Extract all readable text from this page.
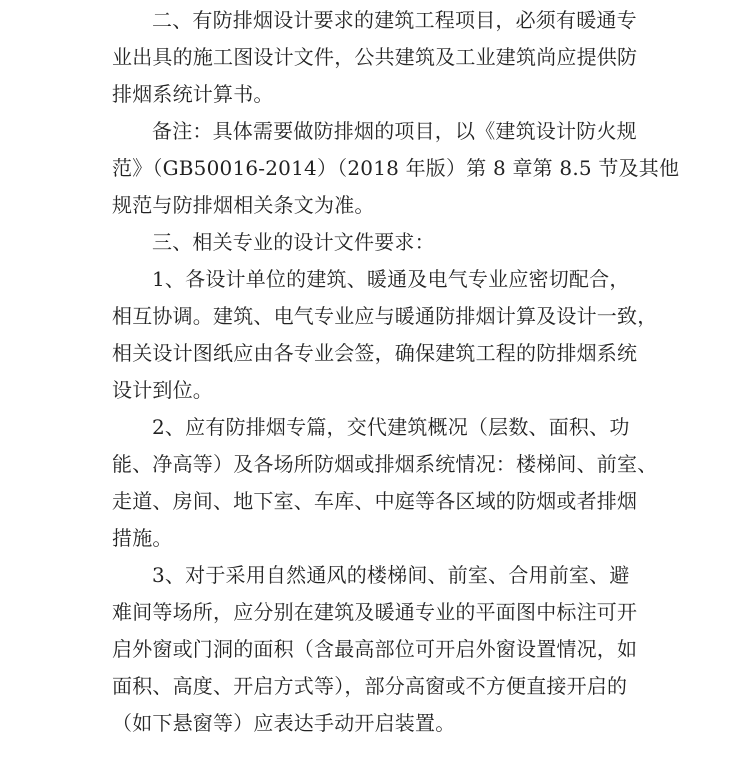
二、有防排烟设计要求的建筑工程项目，必须有暖通专
业出具的施工图设计文件，公共建筑及工业建筑尚应提供防
排烟系统计算书。
备注：具体需要做防排烟的项目，以《建筑设计防火规
范》（GB50016-2014）（2018 年版）第 8 章第 8.5 节及其他
规范与防排烟相关条文为准。
三、相关专业的设计文件要求：
1、各设计单位的建筑、暖通及电气专业应密切配合，
相互协调。建筑、电气专业应与暖通防排烟计算及设计一致，
相关设计图纸应由各专业会签，确保建筑工程的防排烟系统
设计到位。
2、应有防排烟专篇，交代建筑概况（层数、面积、功
能、净高等）及各场所防烟或排烟系统情况：楼梯间、前室、
走道、房间、地下室、车库、中庭等各区域的防烟或者排烟
措施。
3、对于采用自然通风的楼梯间、前室、合用前室、避
难间等场所，应分别在建筑及暖通专业的平面图中标注可开
启外窗或门洞的面积（含最高部位可开启外窗设置情况，如
面积、高度、开启方式等），部分高窗或不方便直接开启的
（如下悬窗等）应表达手动开启装置。
